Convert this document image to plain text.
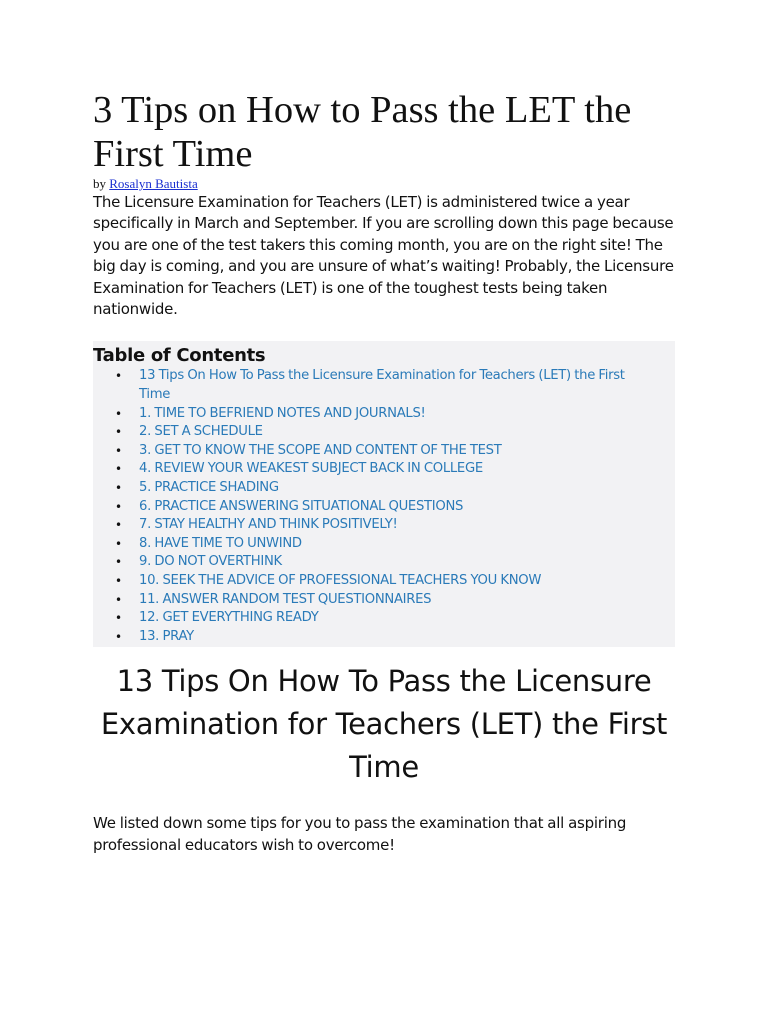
3 Tips on How to Pass the LET the First Time
by Rosalyn Bautista

The Licensure Examination for Teachers (LET) is administered twice a year specifically in March and September. If you are scrolling down this page because you are one of the test takers this coming month, you are on the right site! The big day is coming, and you are unsure of what’s waiting! Probably, the Licensure Examination for Teachers (LET) is one of the toughest tests being taken nationwide.

Table of Contents

• 13 Tips On How To Pass the Licensure Examination for Teachers (LET) the First Time
• 1. TIME TO BEFRIEND NOTES AND JOURNALS!
• 2. SET A SCHEDULE
• 3. GET TO KNOW THE SCOPE AND CONTENT OF THE TEST
• 4. REVIEW YOUR WEAKEST SUBJECT BACK IN COLLEGE
• 5. PRACTICE SHADING
• 6. PRACTICE ANSWERING SITUATIONAL QUESTIONS
• 7. STAY HEALTHY AND THINK POSITIVELY!
• 8. HAVE TIME TO UNWIND
• 9. DO NOT OVERTHINK
• 10. SEEK THE ADVICE OF PROFESSIONAL TEACHERS YOU KNOW
• 11. ANSWER RANDOM TEST QUESTIONNAIRES
• 12. GET EVERYTHING READY
• 13. PRAY
13 Tips On How To Pass the Licensure Examination for Teachers (LET) the First Time

We listed down some tips for you to pass the examination that all aspiring professional educators wish to overcome!
